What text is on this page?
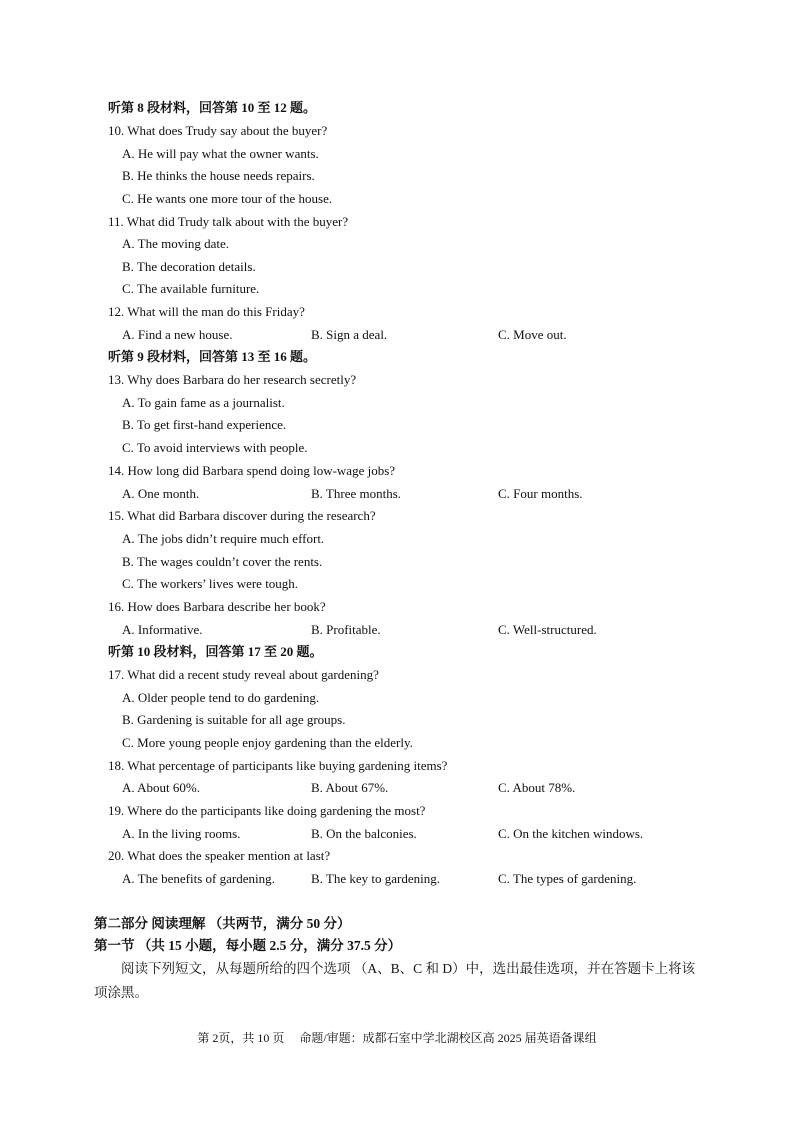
听第 8 段材料，回答第 10 至 12 题。
10. What does Trudy say about the buyer?
A. He will pay what the owner wants.
B. He thinks the house needs repairs.
C. He wants one more tour of the house.
11. What did Trudy talk about with the buyer?
A. The moving date.
B. The decoration details.
C. The available furniture.
12. What will the man do this Friday?
A. Find a new house.	B. Sign a deal.	C. Move out.
听第 9 段材料，回答第 13 至 16 题。
13. Why does Barbara do her research secretly?
A. To gain fame as a journalist.
B. To get first-hand experience.
C. To avoid interviews with people.
14. How long did Barbara spend doing low-wage jobs?
A. One month.	B. Three months.	C. Four months.
15. What did Barbara discover during the research?
A. The jobs didn’t require much effort.
B. The wages couldn’t cover the rents.
C. The workers’ lives were tough.
16. How does Barbara describe her book?
A. Informative.	B. Profitable.	C. Well-structured.
听第 10 段材料，回答第 17 至 20 题。
17. What did a recent study reveal about gardening?
A. Older people tend to do gardening.
B. Gardening is suitable for all age groups.
C. More young people enjoy gardening than the elderly.
18. What percentage of participants like buying gardening items?
A. About 60%.	B. About 67%.	C. About 78%.
19. Where do the participants like doing gardening the most?
A. In the living rooms.	B. On the balconies.	C. On the kitchen windows.
20. What does the speaker mention at last?
A. The benefits of gardening.	B. The key to gardening.	C. The types of gardening.
第二部分 阅读理解 （共两节，满分 50 分）
第一节 （共 15 小题，每小题 2.5 分，满分 37.5 分）
阅读下列短文，从每题所给的四个选项 （A、B、C 和 D）中，选出最佳选项，并在答题卡上将该项涂黑。
第 2页，共 10 页　 命题/审题：成都石室中学北湖校区高 2025 届英语备课组
